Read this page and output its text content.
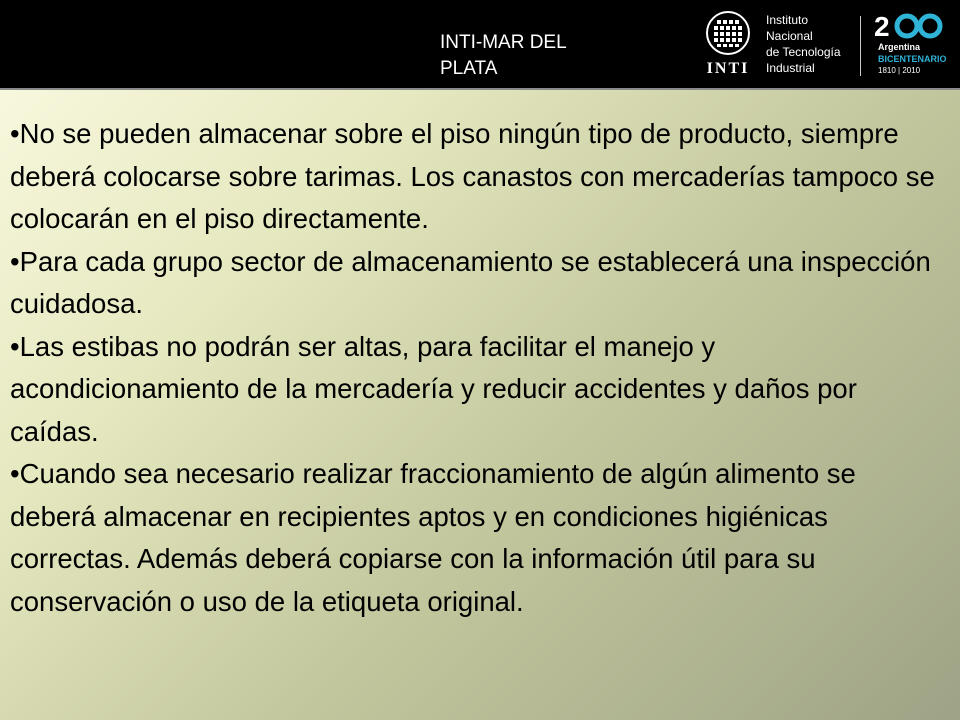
INTI-MAR DEL PLATA	INTI
Instituto
Nacional
de Tecnología
Industrial
2
Argentina
BICENTENARIO
1810 | 2010

•No se pueden almacenar sobre el piso ningún tipo de producto, siempre deberá colocarse sobre tarimas. Los canastos con mercaderías tampoco se colocarán en el piso directamente.

•Para cada grupo sector de almacenamiento se establecerá una inspección cuidadosa.

•Las estibas no podrán ser altas, para facilitar el manejo y acondicionamiento de la mercadería y reducir accidentes y daños por caídas.

•Cuando sea necesario realizar fraccionamiento de algún alimento se deberá almacenar en recipientes aptos y en condiciones higiénicas correctas. Además deberá copiarse con la información útil para su conservación o uso de la etiqueta original.
